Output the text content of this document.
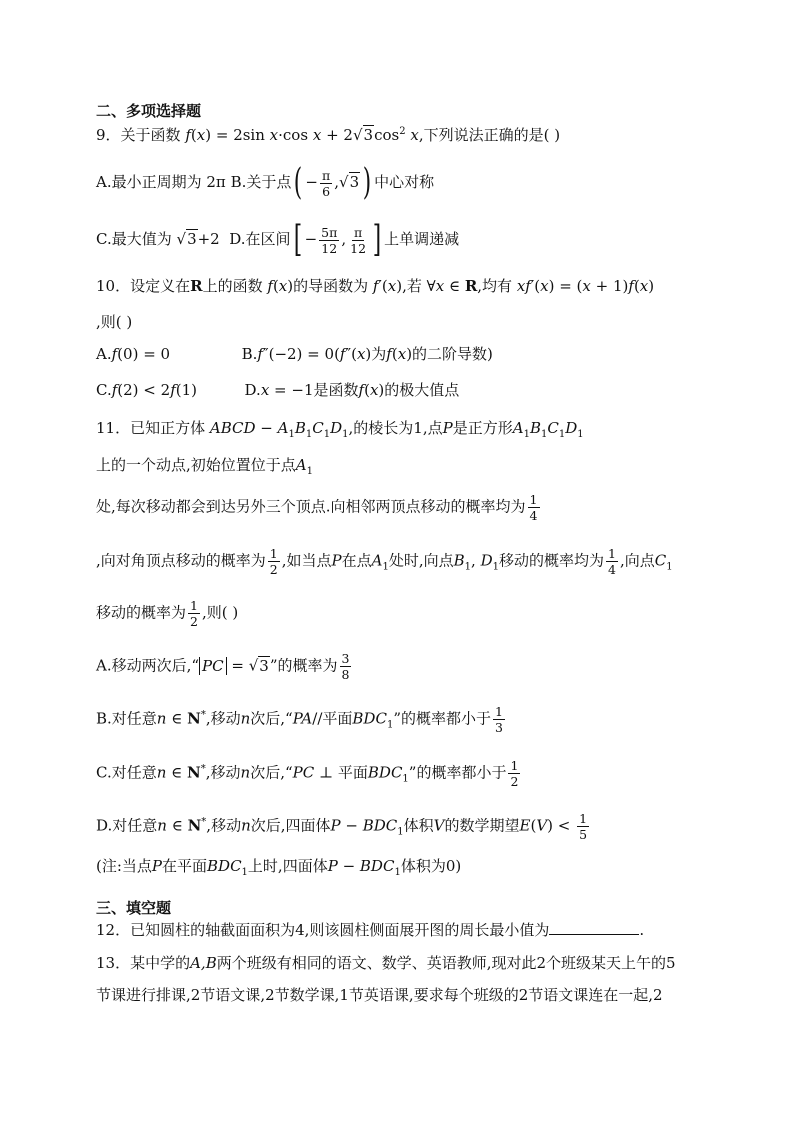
二、多项选择题
9．关于函数 f(x) = 2sin x·cos $x + 2√3\cos^2$ x,下列说法正确的是( )
A.最小正周期为 2π B.关于点( − $\frac{\pi}{6} ,√3$ ) 中心对称
C.最大值为 √3+2 D.在区间[ − $\frac{5\pi}{12}$ , $\frac{\pi}{12}$ ] 上单调递减
10．设定义在R上的函数 f(x)的导函数为 f′(x),若 ∀x ∈ R,均有 xf′(x) = (x + 1)f(x)
,则( )
A.f(0) = 0	B.f″(−2) = 0(f″(x)为f(x)的二阶导数)
C.f(2) < 2f(1)	D.x = −1是函数f(x)的极大值点
11．已知正方体 ABCD − $A_1B_1C_1D_1$,的棱长为1,点P是正方形$A_1B_1C_1D_1$
上的一个动点,初始位置位于点$A_1$
处,每次移动都会到达另外三个顶点.向相邻两顶点移动的概率均为 $\frac{1}{4}$
,向对角顶点移动的概率为 $\frac{1}{2}$ ,如当点P在点$A_1$处时,向点$B_1$, $D_1$移动的概率均为 $\frac{1}{4}$ ,向点$C_1$
移动的概率为 $\frac{1}{2}$ ,则( )
A.移动两次后,“ PC = √3”的概率为 $\frac{3}{8}$
B.对任意n ∈ N*,移动n次后,“PA//平面$BDC_1$”的概率都小于 $\frac{1}{3}$
C.对任意n ∈ N*,移动n次后,“PC ⊥ 平面$BDC_1$”的概率都小于 $\frac{1}{2}$
D.对任意n ∈ N*,移动n次后,四面体$P - BDC_1$体积V的数学期望$E(V) < \frac{1}{5}$
(注:当点P在平面$BDC_1$上时,四面体$P - BDC_1$体积为0)
三、填空题
12．已知圆柱的轴截面面积为4,则该圆柱侧面展开图的周长最小值为	.
13．某中学的A,B两个班级有相同的语文、数学、英语教师,现对此2个班级某天上午的5
节课进行排课,2节语文课,2节数学课,1节英语课,要求每个班级的2节语文课连在一起,2
